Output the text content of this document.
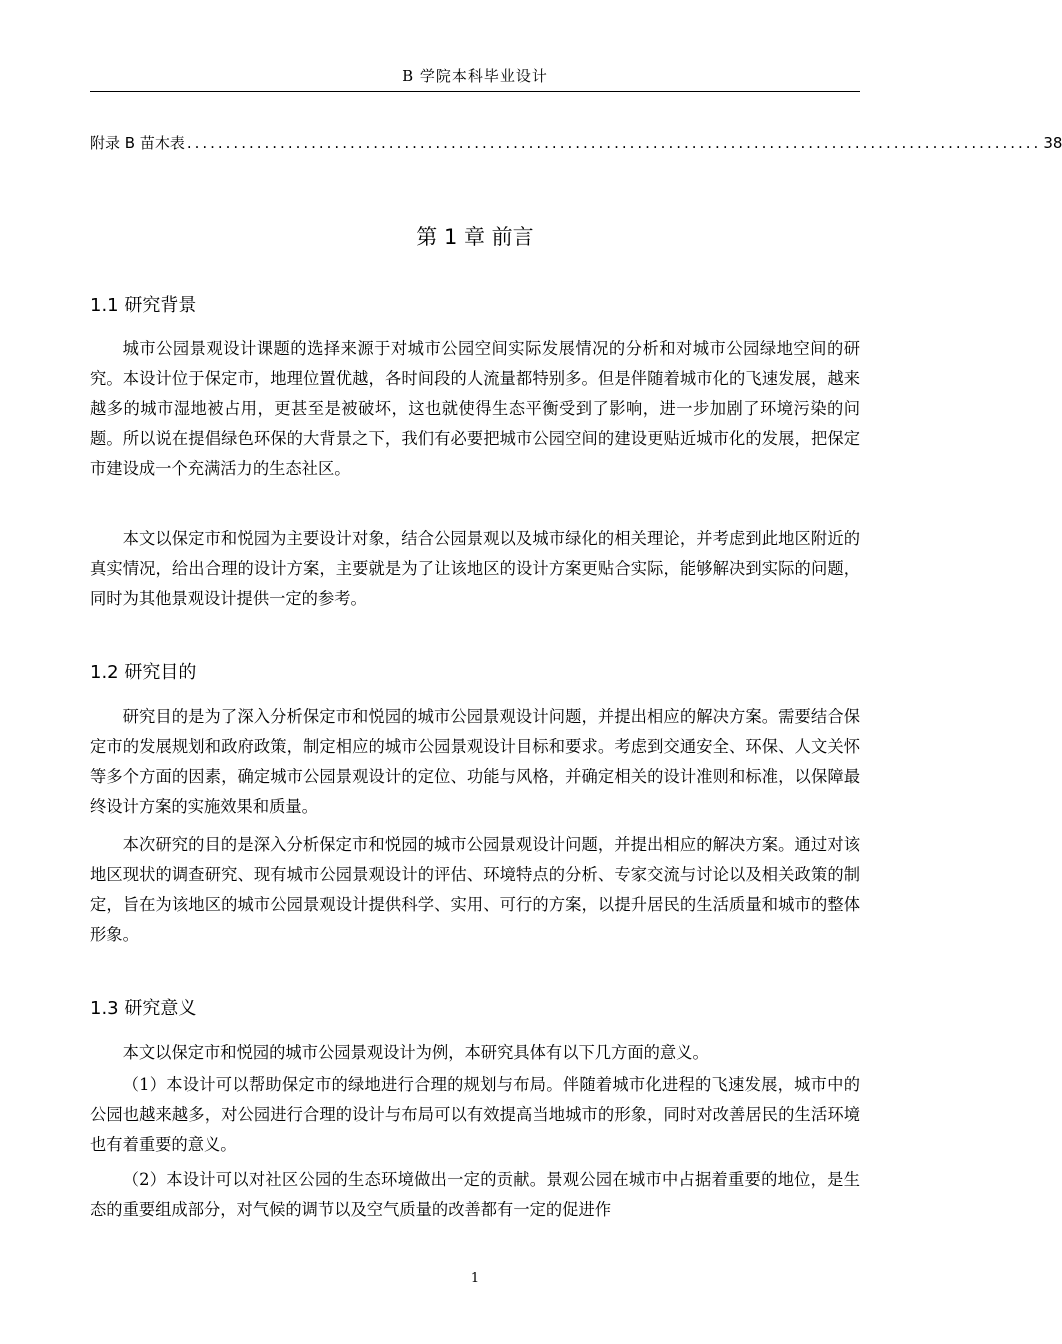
B 学院本科毕业设计
附录 B 苗木表 .............................................................................................................. 38
第 1 章 前言
1.1 研究背景

城市公园景观设计课题的选择来源于对城市公园空间实际发展情况的分析和对城市公园绿地空间的研究。本设计位于保定市，地理位置优越，各时间段的人流量都特别多。但是伴随着城市化的飞速发展，越来越多的城市湿地被占用，更甚至是被破坏，这也就使得生态平衡受到了影响，进一步加剧了环境污染的问题。所以说在提倡绿色环保的大背景之下，我们有必要把城市公园空间的建设更贴近城市化的发展，把保定市建设成一个充满活力的生态社区。

本文以保定市和悦园为主要设计对象，结合公园景观以及城市绿化的相关理论，并考虑到此地区附近的真实情况，给出合理的设计方案，主要就是为了让该地区的设计方案更贴合实际，能够解决到实际的问题，同时为其他景观设计提供一定的参考。

1.2 研究目的

研究目的是为了深入分析保定市和悦园的城市公园景观设计问题，并提出相应的解决方案。需要结合保定市的发展规划和政府政策，制定相应的城市公园景观设计目标和要求。考虑到交通安全、环保、人文关怀等多个方面的因素，确定城市公园景观设计的定位、功能与风格，并确定相关的设计准则和标准，以保障最终设计方案的实施效果和质量。

本次研究的目的是深入分析保定市和悦园的城市公园景观设计问题，并提出相应的解决方案。通过对该地区现状的调查研究、现有城市公园景观设计的评估、环境特点的分析、专家交流与讨论以及相关政策的制定，旨在为该地区的城市公园景观设计提供科学、实用、可行的方案，以提升居民的生活质量和城市的整体形象。

1.3 研究意义

本文以保定市和悦园的城市公园景观设计为例，本研究具体有以下几方面的意义。

（1）本设计可以帮助保定市的绿地进行合理的规划与布局。伴随着城市化进程的飞速发展，城市中的公园也越来越多，对公园进行合理的设计与布局可以有效提高当地城市的形象，同时对改善居民的生活环境也有着重要的意义。

（2）本设计可以对社区公园的生态环境做出一定的贡献。景观公园在城市中占据着重要的地位，是生态的重要组成部分，对气候的调节以及空气质量的改善都有一定的促进作

1
